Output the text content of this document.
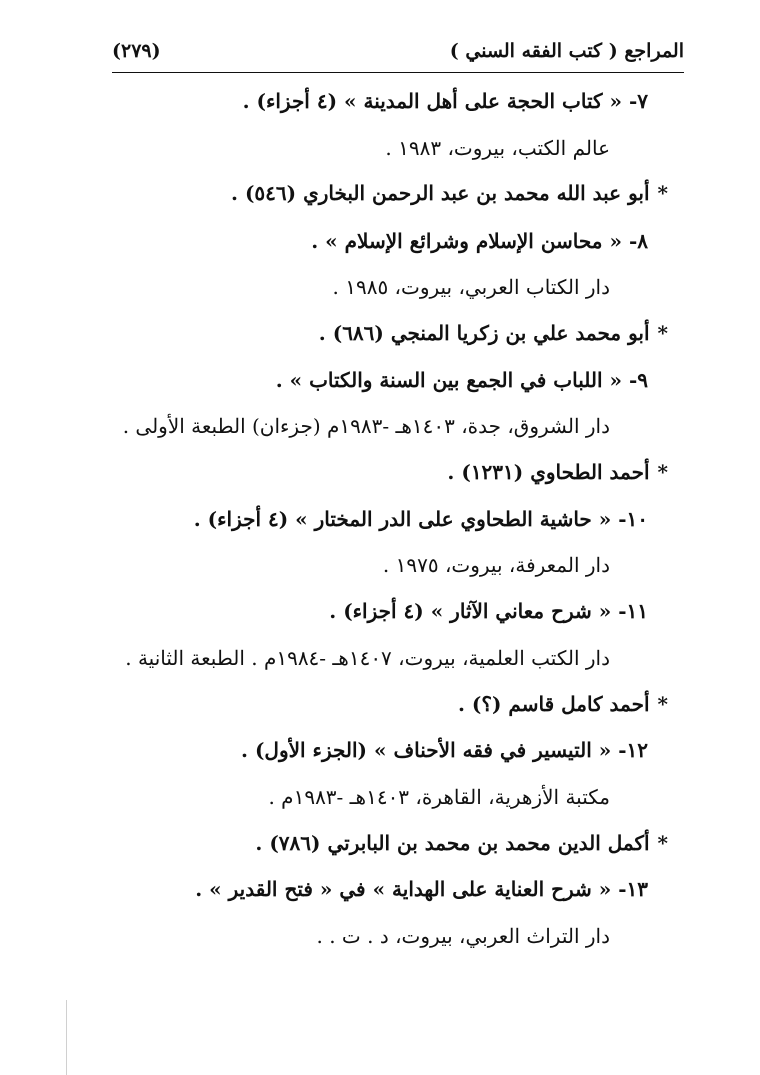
المراجع ( كتب الفقه السني )
(٢٧٩)
٧- « كتاب الحجة على أهل المدينة » (٤ أجزاء) .
عالم الكتب، بيروت، ١٩٨٣ .
*أبو عبد الله محمد بن عبد الرحمن البخاري (٥٤٦) .
٨- « محاسن الإسلام وشرائع الإسلام » .
دار الكتاب العربي، بيروت، ١٩٨٥ .
*أبو محمد علي بن زكريا المنجي (٦٨٦) .
٩- « اللباب في الجمع بين السنة والكتاب » .
دار الشروق، جدة، ١٤٠٣هـ -١٩٨٣م (جزءان) الطبعة الأولى .
*أحمد الطحاوي (١٢٣١) .
١٠- « حاشية الطحاوي على الدر المختار » (٤ أجزاء) .
دار المعرفة، بيروت، ١٩٧٥ .
١١- « شرح معاني الآثار » (٤ أجزاء) .
دار الكتب العلمية، بيروت، ١٤٠٧هـ -١٩٨٤م . الطبعة الثانية .
*أحمد كامل قاسم (؟) .
١٢- « التيسير في فقه الأحناف » (الجزء الأول) .
مكتبة الأزهرية، القاهرة، ١٤٠٣هـ -١٩٨٣م .
*أكمل الدين محمد بن محمد بن البابرتي (٧٨٦) .
١٣- « شرح العناية على الهداية » في « فتح القدير » .
دار التراث العربي، بيروت، د . ت . .
